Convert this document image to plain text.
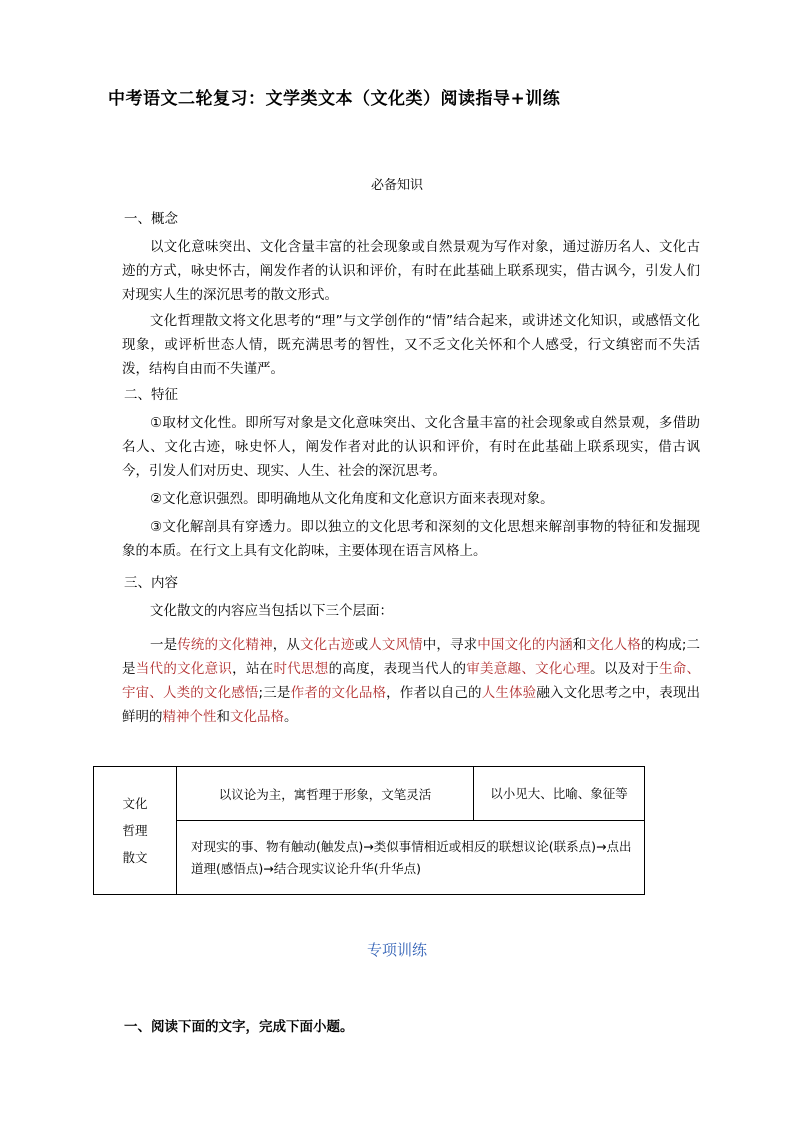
中考语文二轮复习：文学类文本（文化类）阅读指导+训练
必备知识
一、概念
以文化意味突出、文化含量丰富的社会现象或自然景观为写作对象，通过游历名人、文化古迹的方式，咏史怀古，阐发作者的认识和评价，有时在此基础上联系现实，借古讽今，引发人们对现实人生的深沉思考的散文形式。
文化哲理散文将文化思考的“理”与文学创作的“情”结合起来，或讲述文化知识，或感悟文化现象，或评析世态人情，既充满思考的智性，又不乏文化关怀和个人感受，行文缜密而不失活泼，结构自由而不失谨严。
二、特征
①取材文化性。即所写对象是文化意味突出、文化含量丰富的社会现象或自然景观，多借助名人、文化古迹，咏史怀人，阐发作者对此的认识和评价，有时在此基础上联系现实，借古讽今，引发人们对历史、现实、人生、社会的深沉思考。
②文化意识强烈。即明确地从文化角度和文化意识方面来表现对象。
③文化解剖具有穿透力。即以独立的文化思考和深刻的文化思想来解剖事物的特征和发掘现象的本质。在行文上具有文化韵味，主要体现在语言风格上。
三、内容
文化散文的内容应当包括以下三个层面：
一是传统的文化精神，从文化古迹或人文风情中，寻求中国文化的内涵和文化人格的构成;二是当代的文化意识，站在时代思想的高度，表现当代人的审美意趣、文化心理。以及对于生命、宇宙、人类的文化感悟;三是作者的文化品格，作者以自己的人生体验融入文化思考之中，表现出鲜明的精神个性和文化品格。
文化
哲理
散文
	以议论为主，寓哲理于形象，文笔灵活	以小见大、比喻、象征等
对现实的事、物有触动(触发点)→类似事情相近或相反的联想议论(联系点)→点出道理(感悟点)→结合现实议论升华(升华点)
专项训练
一、阅读下面的文字，完成下面小题。
